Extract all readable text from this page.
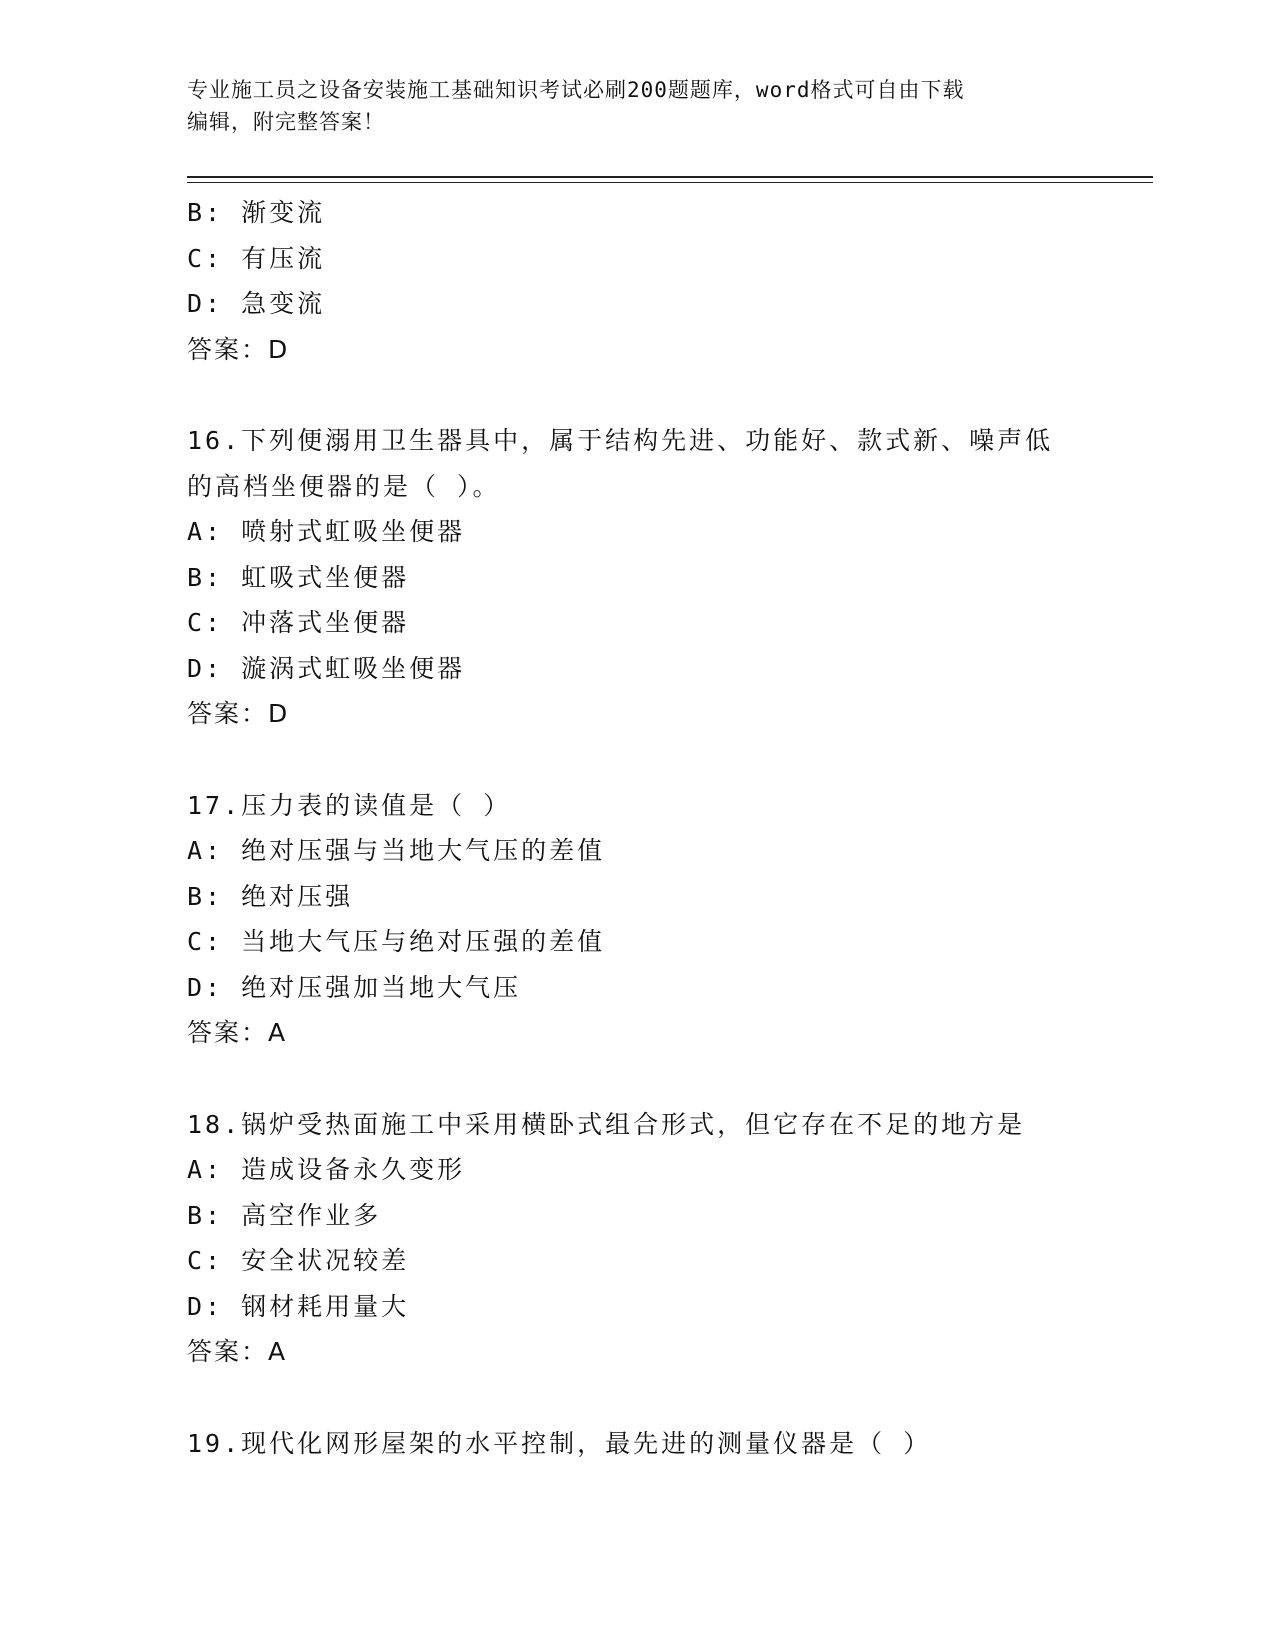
专业施工员之设备安装施工基础知识考试必刷200题题库，word格式可自由下载
编辑，附完整答案！
B: 渐变流
C: 有压流
D: 急变流
答案：D
16.下列便溺用卫生器具中，属于结构先进、功能好、款式新、噪声低
的高档坐便器的是（ ）。
A: 喷射式虹吸坐便器
B: 虹吸式坐便器
C: 冲落式坐便器
D: 漩涡式虹吸坐便器
答案：D
17.压力表的读值是（ ）
A: 绝对压强与当地大气压的差值
B: 绝对压强
C: 当地大气压与绝对压强的差值
D: 绝对压强加当地大气压
答案：A
18.锅炉受热面施工中采用横卧式组合形式，但它存在不足的地方是
A: 造成设备永久变形
B: 高空作业多
C: 安全状况较差
D: 钢材耗用量大
答案：A
19.现代化网形屋架的水平控制，最先进的测量仪器是（ ）
